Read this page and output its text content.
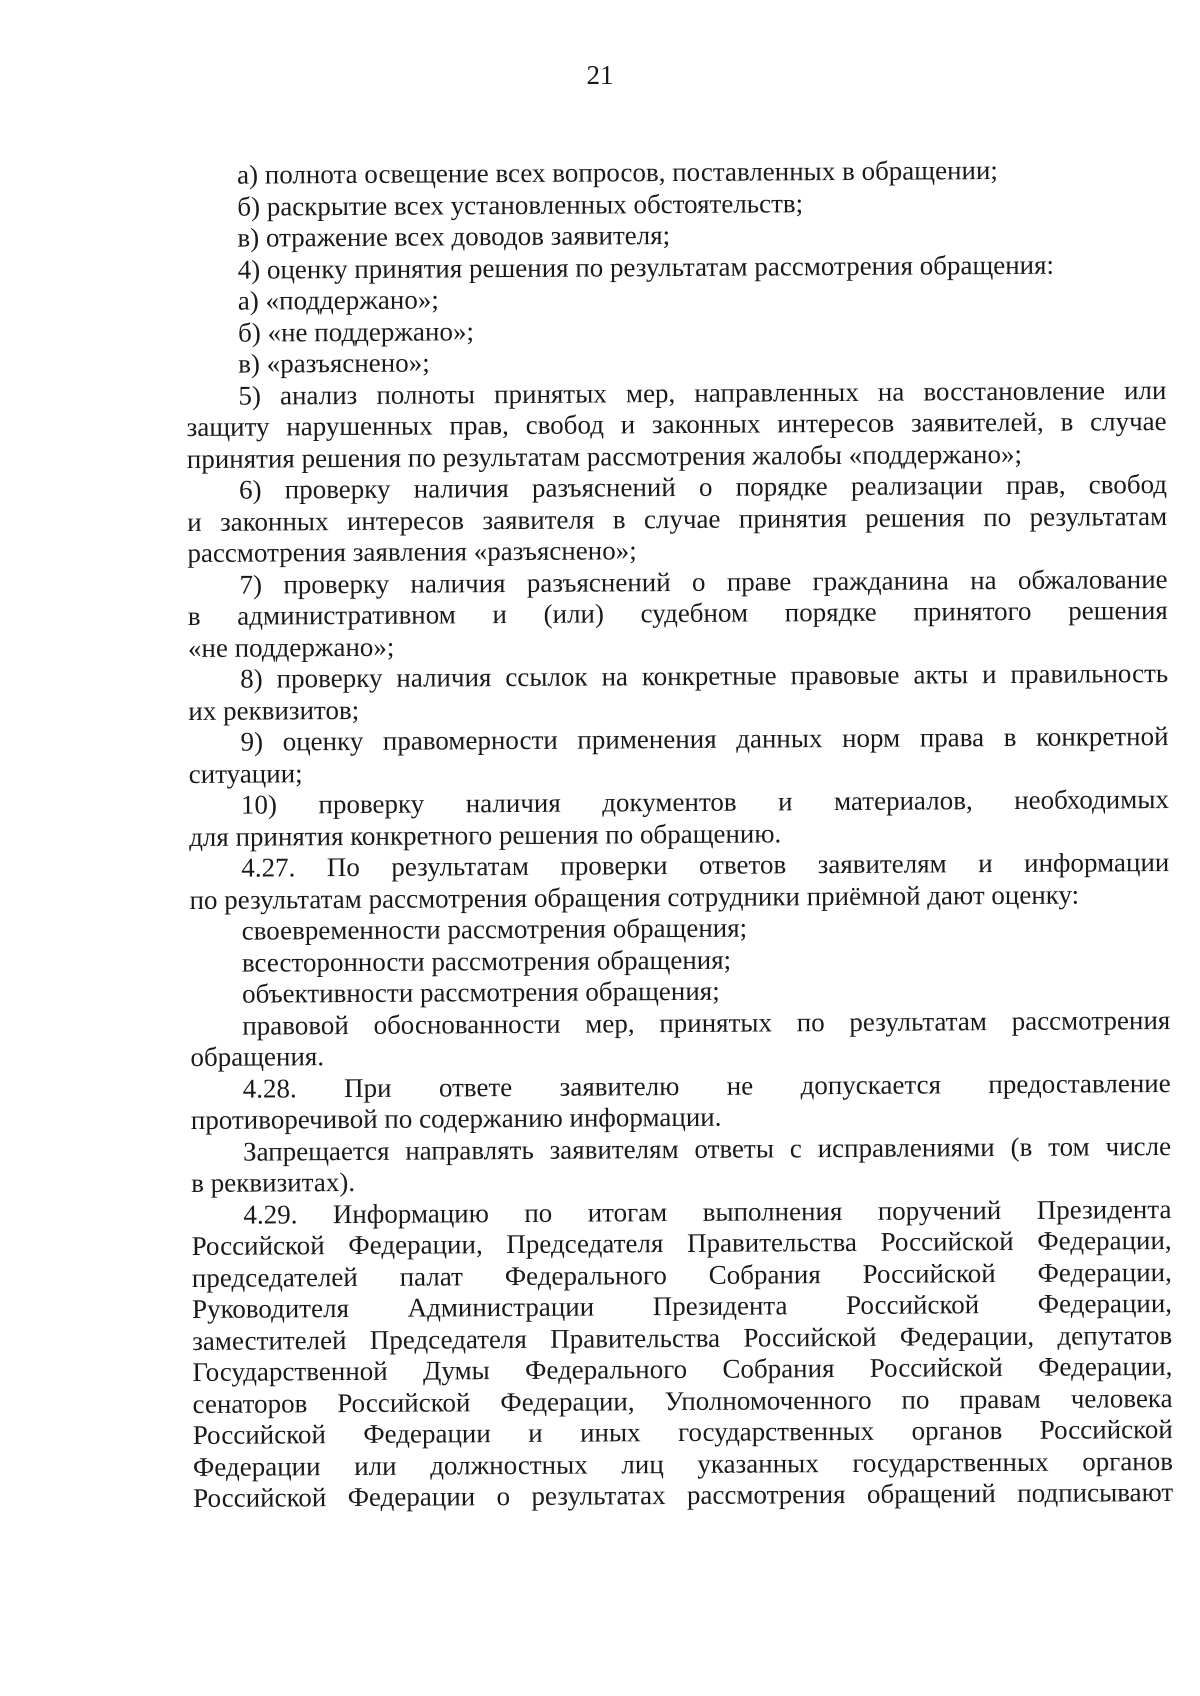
21
а) полнота освещение всех вопросов, поставленных в обращении;
б) раскрытие всех установленных обстоятельств;
в) отражение всех доводов заявителя;
4) оценку принятия решения по результатам рассмотрения обращения:
а) «поддержано»;
б) «не поддержано»;
в) «разъяснено»;
5) анализ полноты принятых мер, направленных на восстановление или
защиту нарушенных прав, свобод и законных интересов заявителей, в случае
принятия решения по результатам рассмотрения жалобы «поддержано»;
6) проверку наличия разъяснений о порядке реализации прав, свобод
и законных интересов заявителя в случае принятия решения по результатам
рассмотрения заявления «разъяснено»;
7) проверку наличия разъяснений о праве гражданина на обжалование
в административном и (или) судебном порядке принятого решения
«не поддержано»;
8) проверку наличия ссылок на конкретные правовые акты и правильность
их реквизитов;
9) оценку правомерности применения данных норм права в конкретной
ситуации;
10) проверку наличия документов и материалов, необходимых
для принятия конкретного решения по обращению.
4.27. По результатам проверки ответов заявителям и информации
по результатам рассмотрения обращения сотрудники приёмной дают оценку:
своевременности рассмотрения обращения;
всесторонности рассмотрения обращения;
объективности рассмотрения обращения;
правовой обоснованности мер, принятых по результатам рассмотрения
обращения.
4.28. При ответе заявителю не допускается предоставление
противоречивой по содержанию информации.
Запрещается направлять заявителям ответы с исправлениями (в том числе
в реквизитах).
4.29. Информацию по итогам выполнения поручений Президента
Российской Федерации, Председателя Правительства Российской Федерации,
председателей палат Федерального Собрания Российской Федерации,
Руководителя Администрации Президента Российской Федерации,
заместителей Председателя Правительства Российской Федерации, депутатов
Государственной Думы Федерального Собрания Российской Федерации,
сенаторов Российской Федерации, Уполномоченного по правам человека
Российской Федерации и иных государственных органов Российской
Федерации или должностных лиц указанных государственных органов
Российской Федерации о результатах рассмотрения обращений подписывают
